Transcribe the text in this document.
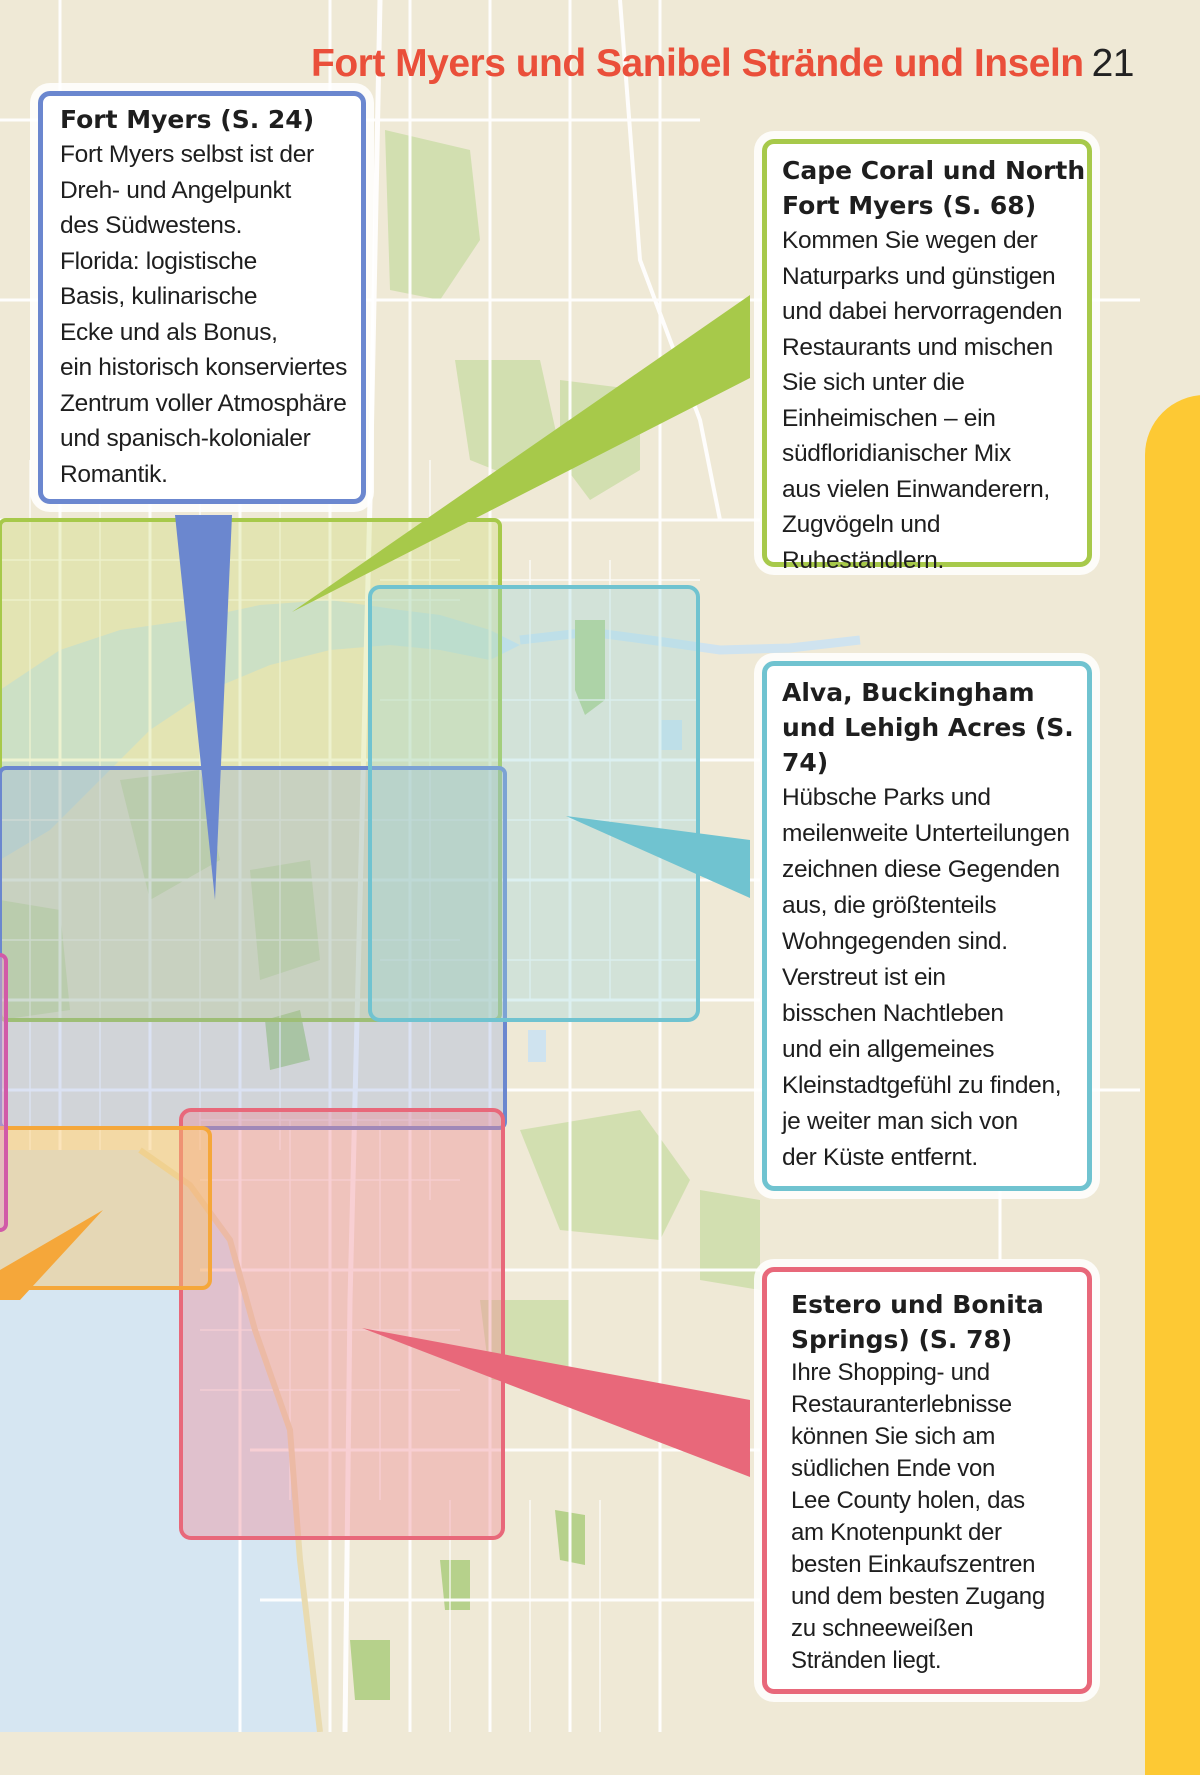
Fort Myers und Sanibel Strände und Inseln 21
Fort Myers (S. 24)

Fort Myers selbst ist der
Dreh- und Angelpunkt
des Südwestens.
Florida: logistische
Basis, kulinarische
Ecke und als Bonus,
ein historisch konserviertes
Zentrum voller Atmosphäre
und spanisch-kolonialer
Romantik.

Cape Coral und North Fort Myers (S. 68)

Kommen Sie wegen der
Naturparks und günstigen
und dabei hervorragenden
Restaurants und mischen
Sie sich unter die
Einheimischen – ein
südfloridianischer Mix
aus vielen Einwanderern,
Zugvögeln und
Ruheständlern.

Alva, Buckingham und Lehigh Acres (S. 74)

Hübsche Parks und
meilenweite Unterteilungen
zeichnen diese Gegenden
aus, die größtenteils
Wohngegenden sind.
Verstreut ist ein
bisschen Nachtleben
und ein allgemeines
Kleinstadtgefühl zu finden,
je weiter man sich von
der Küste entfernt.

Estero und Bonita Springs) (S. 78)

Ihre Shopping- und
Restauranterlebnisse
können Sie sich am
südlichen Ende von
Lee County holen, das
am Knotenpunkt der
besten Einkaufszentren
und dem besten Zugang
zu schneeweißen
Stränden liegt.
